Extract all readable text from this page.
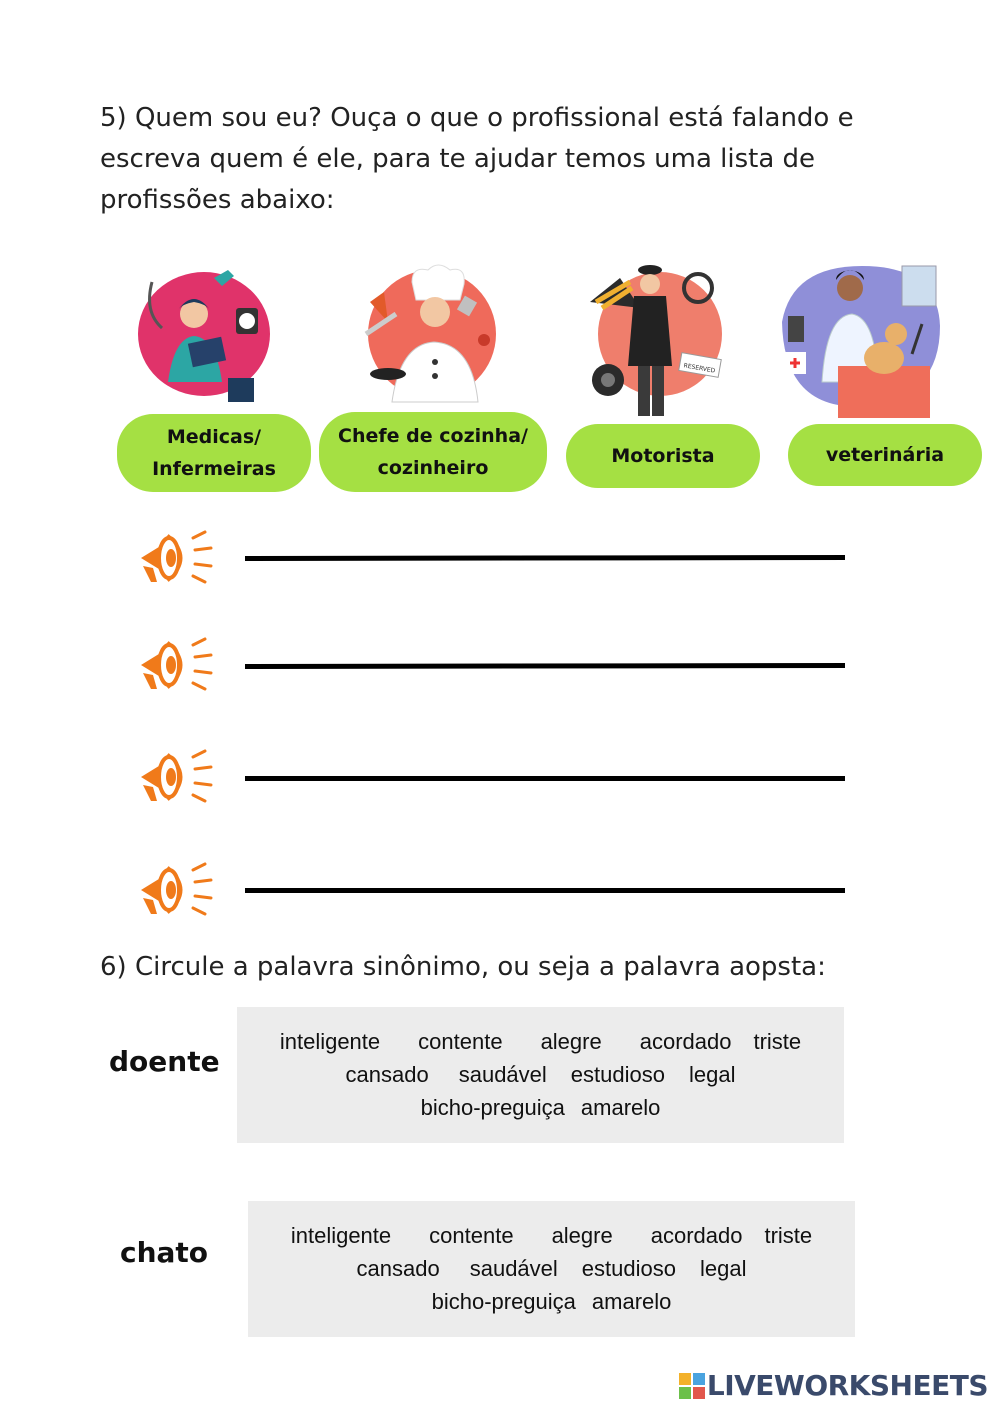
5) Quem sou eu? Ouça o que o profissional está falando e
escreva quem é ele, para te ajudar temos uma lista de
profissões abaixo:
RESERVED
Medicas/
Infermeiras
Chefe de cozinha/
cozinheiro
Motorista	veterinária
6) Circule a palavra sinônimo, ou seja a palavra aopsta:
doente
inteligente contente alegre acordado triste
cansado saudável estudioso legal
bicho-preguiça amarelo
chato
inteligente contente alegre acordado triste
cansado saudável estudioso legal
bicho-preguiça amarelo
LIVEWORKSHEETS
